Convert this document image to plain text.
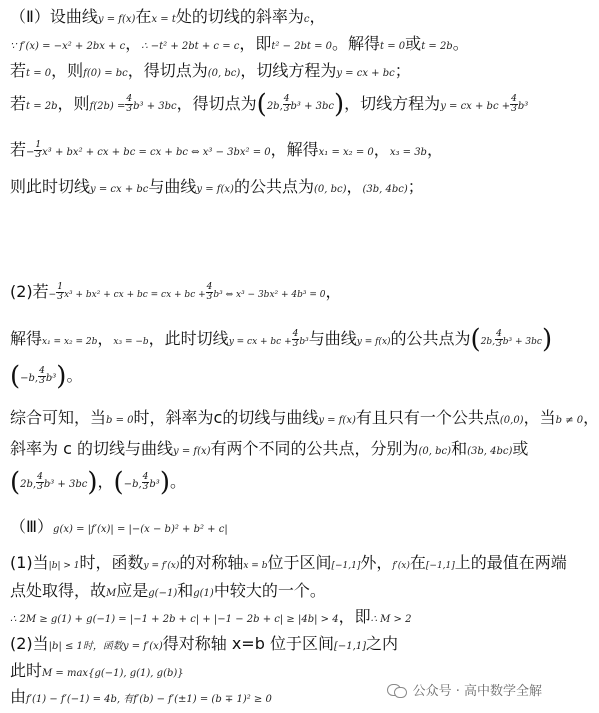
（Ⅱ）设曲线y = f(x)在x = t处的切线的斜率为c，
∵ f′(x) = −x² + 2bx + c，∴ −t² + 2bt + c = c，即t² − 2bt = 0。解得t = 0或t = 2b。
若t = 0，则f(0) = bc，得切点为(0, bc)，切线方程为y = cx + bc；
若t = 2b，则$f(2b) = \frac{4}{3} b^3 + 3bc$，得切点为(2b, $\frac{4}{3} b^3 + 3bc$)，切线方程为y = cx + bc + $\frac{4}{3} b^3$
若− $\frac{1}{3} x^3 + bx^2$ + cx + bc = cx + bc ⇔ x³ − 3bx² = 0，解得x₁ = x₂ = 0，x₃ = 3b，
则此时切线y = cx + bc与曲线y = f(x)的公共点为(0, bc)，(3b, 4bc)；
(2)若− $\frac{1}{3} x^3 + bx^2$ + cx + bc = cx + bc + $\frac{4}{3} b^3$ ⇔ x³ − 3bx² + 4b³ = 0，
解得x₁ = x₂ = 2b，x₃ = −b，此时切线y = cx + bc + $\frac{4}{3} b^3$与曲线y = f(x)的公共点为(2b, $\frac{4}{3} b^3 + 3bc$)
(−b, $\frac{4}{3} b^3$)。
综合可知，当b = 0时，斜率为c的切线与曲线y = f(x)有且只有一个公共点(0,0)，当b ≠ 0，
斜率为 c 的切线与曲线y = f(x)有两个不同的公共点，分别为(0, bc)和(3b, 4bc)或
(2b, $\frac{4}{3} b^3 + 3bc$)，(−b, $\frac{4}{3} b^3$)。
（Ⅲ）g(x) = |f′(x)| = |−(x − b)² + b² + c|
(1)当|b| > 1时，函数y = f′(x)的对称轴x = b位于区间[−1,1]外，f′(x)在[−1,1]上的最值在两端
点处取得，故M应是g(−1)和g(1)中较大的一个。
∴ 2M ≥ g(1) + g(−1) = |−1 + 2b + c| + |−1 − 2b + c| ≥ |4b| > 4，即∴ M > 2
(2)当|b| ≤ 1时，函数y = f′(x)得对称轴 x=b 位于区间[−1,1]之内
此时M = max{g(−1), g(1), g(b)}
由f′(1) − f′(−1) = 4b, 有f′(b) − f′(±1) = (b ∓ 1)² ≥ 0
公众号 · 高中数学全解
